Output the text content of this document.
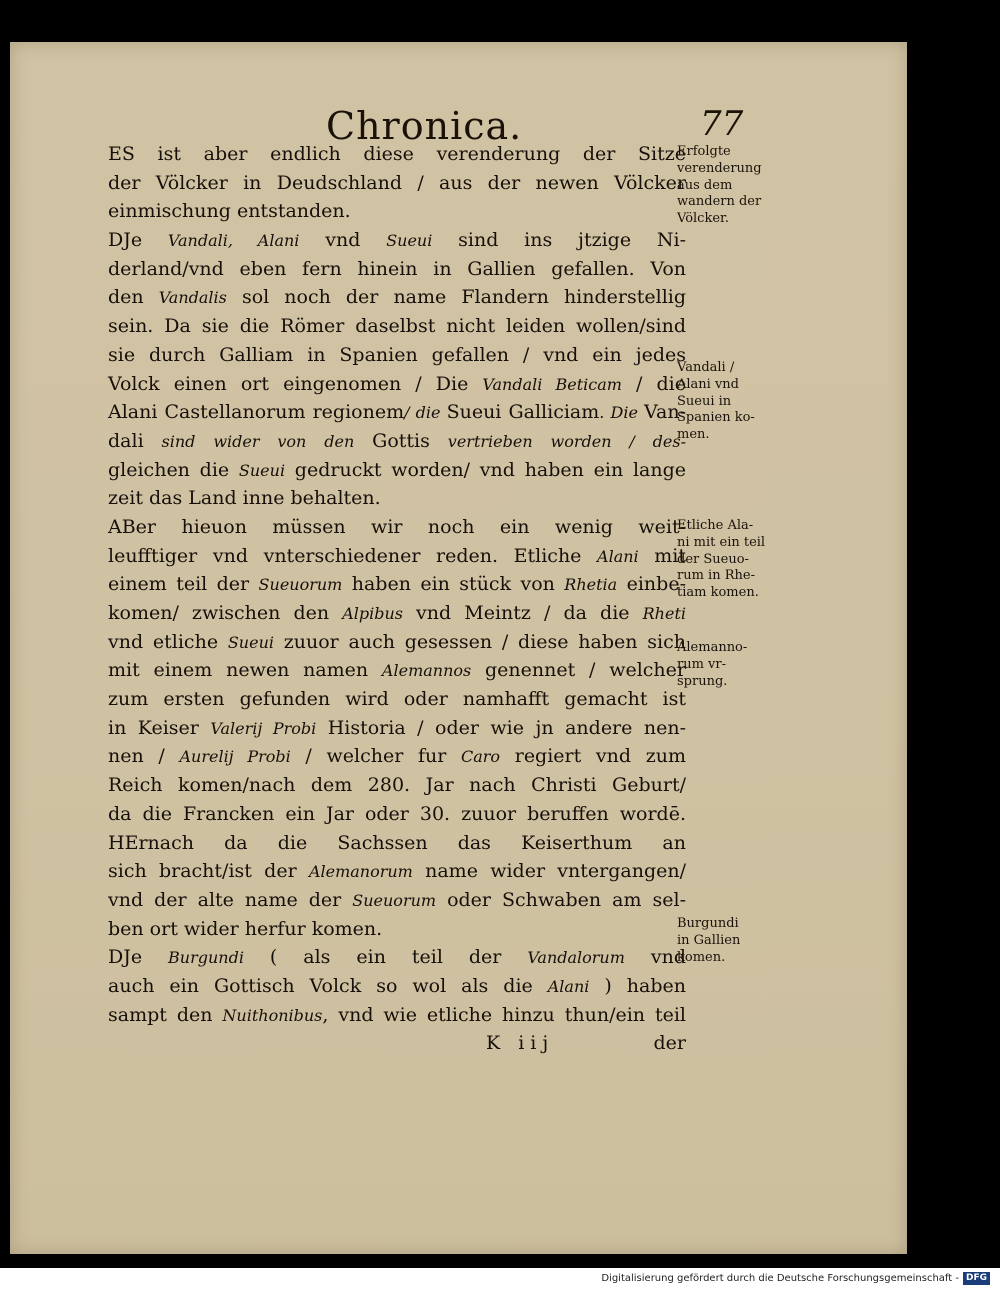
Chronica.	77
ES ist aber endlich diese verenderung der Sitze
der Völcker in Deudschland / aus der newen Völcker
einmischung entstanden.
DJe Vandali, Alani vnd Sueui sind ins jtzige Ni-
derland/vnd eben fern hinein in Gallien gefallen. Von
den Vandalis sol noch der name Flandern hinderstellig
sein. Da sie die Römer daselbst nicht leiden wollen/sind
sie durch Galliam in Spanien gefallen / vnd ein jedes
Volck einen ort eingenomen / Die Vandali Beticam / die
Alani Castellanorum regionem/ die Sueui Galliciam. Die Van-
dali sind wider von den Gottis vertrieben worden / des-
gleichen die Sueui gedruckt worden/ vnd haben ein lange
zeit das Land inne behalten.
ABer hieuon müssen wir noch ein wenig weit-
leufftiger vnd vnterschiedener reden. Etliche Alani mit
einem teil der Sueuorum haben ein stück von Rhetia einbe-
komen/ zwischen den Alpibus vnd Meintz / da die Rheti
vnd etliche Sueui zuuor auch gesessen / diese haben sich
mit einem newen namen Alemannos genennet / welcher
zum ersten gefunden wird oder namhafft gemacht ist
in Keiser Valerij Probi Historia / oder wie jn andere nen-
nen / Aurelij Probi / welcher fur Caro regiert vnd zum
Reich komen/nach dem 280. Jar nach Christi Geburt/
da die Francken ein Jar oder 30. zuuor beruffen wordē.
HErnach da die Sachssen das Keiserthum an
sich bracht/ist der Alemanorum name wider vntergangen/
vnd der alte name der Sueuorum oder Schwaben am sel-
ben ort wider herfur komen.
DJe Burgundi ( als ein teil der Vandalorum vnd
auch ein Gottisch Volck so wol als die Alani ) haben
sampt den Nuithonibus, vnd wie etliche hinzu thun/ein teil
K iij	der
Erfolgte
verenderung
aus dem
wandern der
Völcker.
Vandali /
Alani vnd
Sueui in
Spanien ko-
men.
Etliche Ala-
ni mit ein teil
der Sueuo-
rum in Rhe-
tiam komen.
Alemanno-
rum vr-
sprung.
Burgundi
in Gallien
komen.
Digitalisierung gefördert durch die Deutsche Forschungsgemeinschaft - DFG
